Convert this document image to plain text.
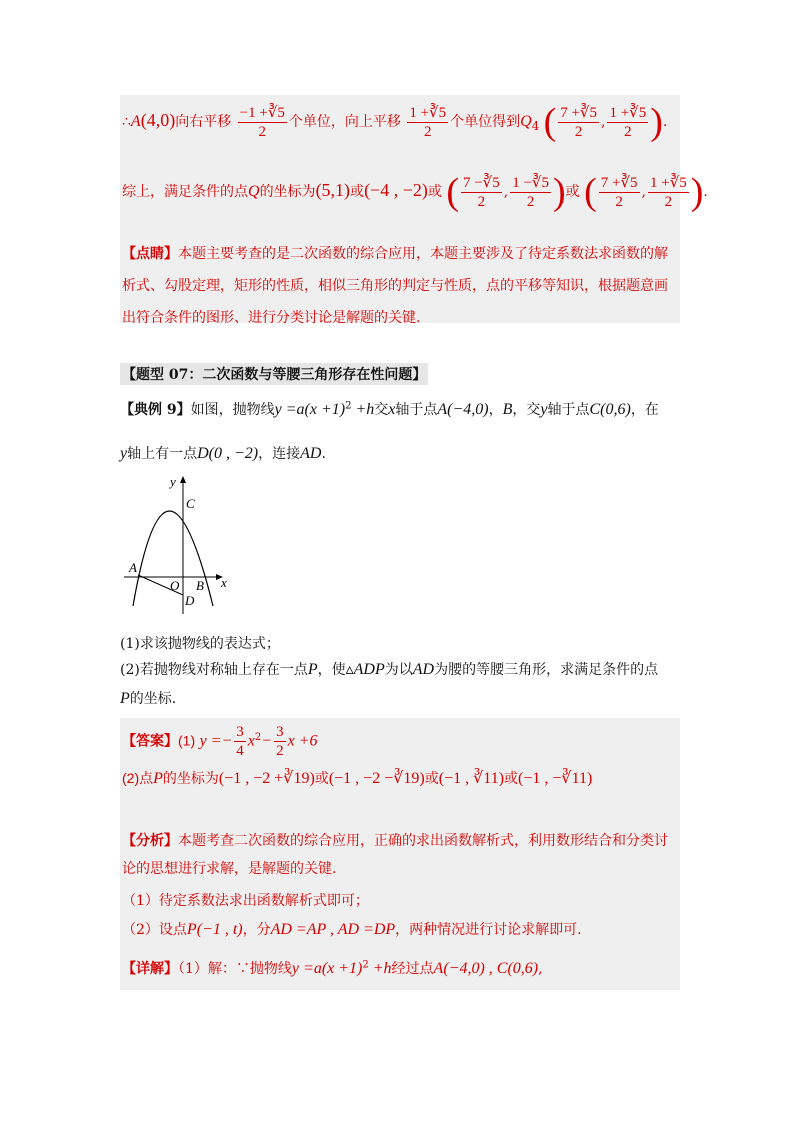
∴A(4,0)向右平移 $\frac{-1 +∛5}{2}$ 个单位，向上平移 $\frac{1 +∛5}{2}$ 个单位得到$Q_4$ ( $\frac{7 +∛5}{2}$ , $\frac{1 +∛5}{2}$ ).
综上，满足条件的点Q的坐标为(5,1)或(−4 , −2)或 ( $\frac{7 -∛5}{2}$ , $\frac{1 -∛5}{2}$ )或 ( $\frac{7 +∛5}{2}$ , $\frac{1 +∛5}{2}$ ).
【点睛】本题主要考查的是二次函数的综合应用，本题主要涉及了待定系数法求函数的解析式、勾股定理，矩形的性质，相似三角形的判定与性质，点的平移等知识，根据题意画出符合条件的图形、进行分类讨论是解题的关键.
【题型 07：二次函数与等腰三角形存在性问题】
【典例 9】如图，抛物线$y =a(x +1)^2 +h$交x轴于点A(−4,0)，B，交y轴于点C(0,6)，在
y轴上有一点D(0 , −2)，连接AD.
y
C
A
O B x
D
(1)求该抛物线的表达式；
(2)若抛物线对称轴上存在一点P，使▵ADP为以AD为腰的等腰三角形，求满足条件的点
P的坐标.
【答案】(1) $y =- \frac{3}{4} x^2- \frac{3}{2}$ x +6
(2)点P的坐标为(−1 , −2 +∛19)或(−1 , −2 −∛19)或(−1 , ∛11)或(−1 , −∛11)
【分析】本题考查二次函数的综合应用，正确的求出函数解析式，利用数形结合和分类讨论的思想进行求解，是解题的关键.
（1）待定系数法求出函数解析式即可；
（2）设点P(−1 , t)，分AD =AP , AD =DP，两种情况进行讨论求解即可.
【详解】（1）解：∵抛物线$y =a(x +1)^2 +h$经过点A(−4,0) , C(0,6),
